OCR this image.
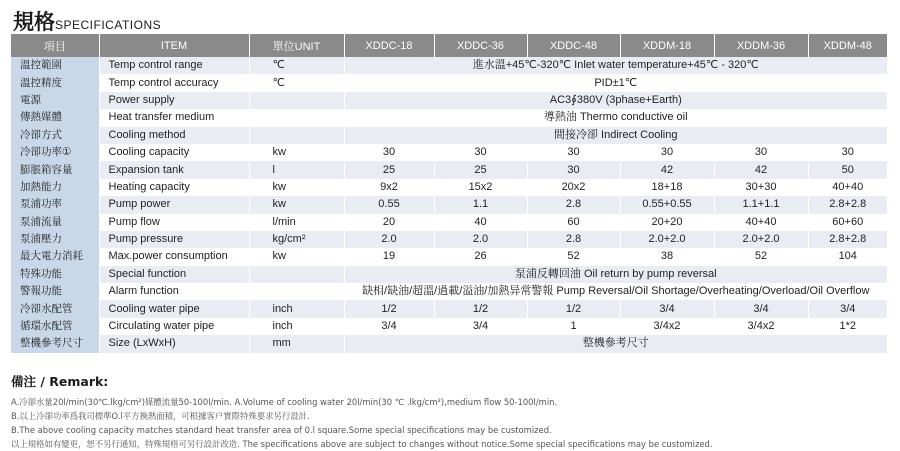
規格SPECIFICATIONS
項目	ITEM	單位UNIT	XDDC-18	XDDC-36	XDDC-48	XDDM-18	XDDM-36	XDDM-48
溫控範圍	Temp control range	℃	進水溫+45℃-320℃ Inlet water temperature+45℃ - 320℃					
溫控精度	Temp control accuracy	℃	PID±1℃					
電源	Power supply		AC3∮380V (3phase+Earth)					
傳熱媒體	Heat transfer medium		導熱油 Thermo conductive oil					
冷卻方式	Cooling method		間接冷卻 Indirect Cooling					
冷卻功率①	Cooling capacity	kw	30	30	30	30	30	30
膨脹箱容量	Expansion tank	l	25	25	30	42	42	50
加熱能力	Heating capacity	kw	9x2	15x2	20x2	18+18	30+30	40+40
泵浦功率	Pump power	kw	0.55	1.1	2.8	0.55+0.55	1.1+1.1	2.8+2.8
泵浦流量	Pump flow	l/min	20	40	60	20+20	40+40	60+60
泵浦壓力	Pump pressure	kg/cm²	2.0	2.0	2.8	2.0+2.0	2.0+2.0	2.8+2.8
最大電力消耗	Max.power consumption	kw	19	26	52	38	52	104
特殊功能	Special function		泵浦反轉回油 Oil return by pump reversal					
警報功能	Alarm function		缺相/缺油/超溫/過載/溢油/加熱异常警報 Pump Reversal/Oil Shortage/Overheating/Overload/Oil Overflow					
冷卻水配管	Cooling water pipe	inch	1/2	1/2	1/2	3/4	3/4	3/4
循環水配管	Circulating water pipe	inch	3/4	3/4	1	3/4x2	3/4x2	1*2
整機參考尺寸	Size (LxWxH)	mm	整機參考尺寸					
備注 / Remark:
A.冷卻水量20l/min(30℃.lkg/cm²)媒體流量50-100l/min. A.Volume of cooling water 20l/min(30 ℃ .lkg/cm²),medium flow 50-100l/min.
B.以上冷卻功率爲我司標準O.l平方換熱面積，可根據客户實際特殊要求另行設計.
B.The above cooling capacity matches standard heat transfer area of 0.l square.Some special specifications may be customized.
以上規格如有變更，恕不另行通知，特殊規格可另行設計改造. The specifications above are subject to changes without notice.Some special specifications may be customized.
